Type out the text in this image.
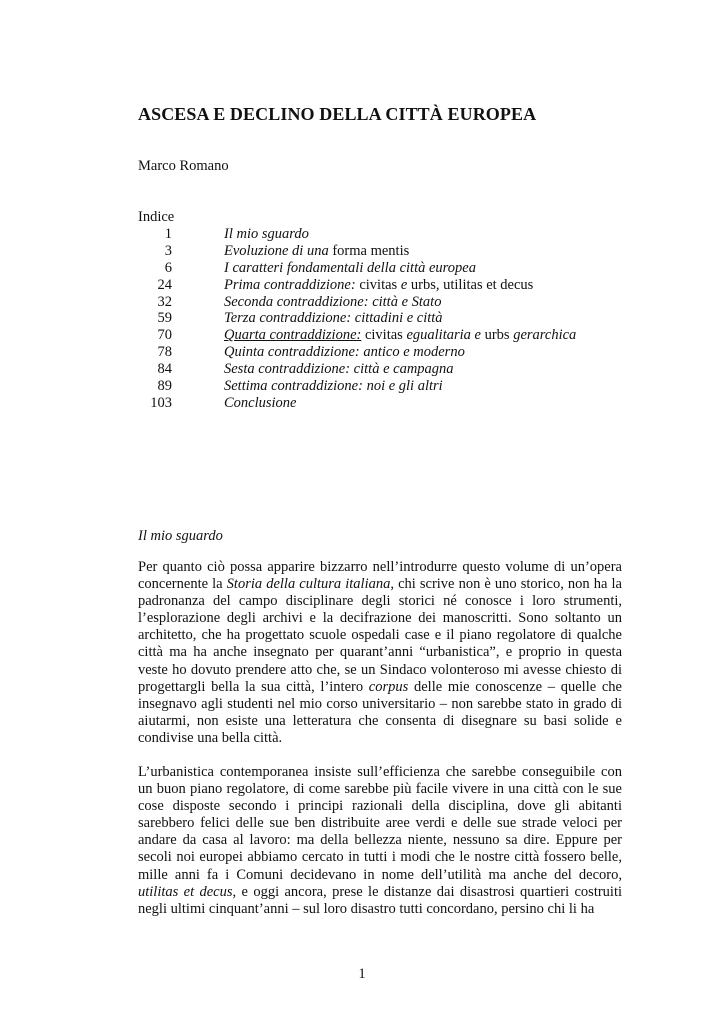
ASCESA E DECLINO DELLA CITTÀ EUROPEA

Marco Romano

Indice
1	Il mio sguardo
3	Evoluzione di una forma mentis
6	I caratteri fondamentali della città europea
24	Prima contraddizione: civitas e urbs, utilitas et decus
32	Seconda contraddizione: città e Stato
59	Terza contraddizione: cittadini e città
70	Quarta contraddizione: civitas egualitaria e urbs gerarchica
78	Quinta contraddizione: antico e moderno
84	Sesta contraddizione: città e campagna
89	Settima contraddizione: noi e gli altri
103	Conclusione

Il mio sguardo

Per quanto ciò possa apparire bizzarro nell’introdurre questo volume di un’opera concernente la Storia della cultura italiana, chi scrive non è uno storico, non ha la padronanza del campo disciplinare degli storici né conosce i loro strumenti, l’esplorazione degli archivi e la decifrazione dei manoscritti. Sono soltanto un architetto, che ha progettato scuole ospedali case e il piano regolatore di qualche città ma ha anche insegnato per quarant’anni “urbanistica”, e proprio in questa veste ho dovuto prendere atto che, se un Sindaco volonteroso mi avesse chiesto di progettargli bella la sua città, l’intero corpus delle mie conoscenze – quelle che insegnavo agli studenti nel mio corso universitario – non sarebbe stato in grado di aiutarmi, non esiste una letteratura che consenta di disegnare su basi solide e condivise una bella città.

L’urbanistica contemporanea insiste sull’efficienza che sarebbe conseguibile con un buon piano regolatore, di come sarebbe più facile vivere in una città con le sue cose disposte secondo i principi razionali della disciplina, dove gli abitanti sarebbero felici delle sue ben distribuite aree verdi e delle sue strade veloci per andare da casa al lavoro: ma della bellezza niente, nessuno sa dire. Eppure per secoli noi europei abbiamo cercato in tutti i modi che le nostre città fossero belle, mille anni fa i Comuni decidevano in nome dell’utilità ma anche del decoro, utilitas et decus, e oggi ancora, prese le distanze dai disastrosi quartieri costruiti negli ultimi cinquant’anni – sul loro disastro tutti concordano, persino chi li ha

1
